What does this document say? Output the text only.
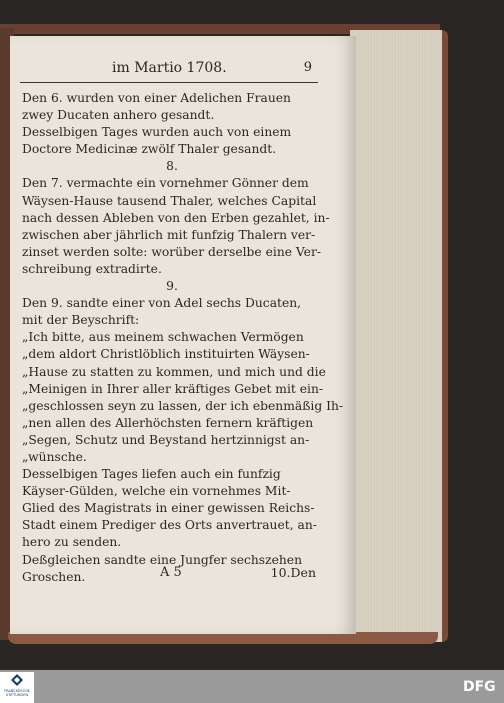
im Martio 1708.	9
Den 6. wurden von einer Adelichen Frauen
zwey Ducaten anhero gesandt.
Desselbigen Tages wurden auch von einem
Doctore Medicinæ zwölf Thaler gesandt.
8.
Den 7. vermachte ein vornehmer Gönner dem
Wäysen-Hause tausend Thaler, welches Capital
nach dessen Ableben von den Erben gezahlet, in-
zwischen aber jährlich mit funfzig Thalern ver-
zinset werden solte: worüber derselbe eine Ver-
schreibung extradirte.
9.
Den 9. sandte einer von Adel sechs Ducaten,
mit der Beyschrift:
„Ich bitte, aus meinem schwachen Vermögen
„dem aldort Christlöblich instituirten Wäysen-
„Hause zu statten zu kommen, und mich und die
„Meinigen in Ihrer aller kräftiges Gebet mit ein-
„geschlossen seyn zu lassen, der ich ebenmäßig Ih-
„nen allen des Allerhöchsten fernern kräftigen
„Segen, Schutz und Beystand hertzinnigst an-
„wünsche.
Desselbigen Tages liefen auch ein funfzig
Käyser-Gülden, welche ein vornehmes Mit-
Glied des Magistrats in einer gewissen Reichs-
Stadt einem Prediger des Orts anvertrauet, an-
hero zu senden.
Deßgleichen sandte eine Jungfer sechszehen
Groschen.	A 5	10.Den
FRANCKESCHE STIFTUNGEN	DFG
